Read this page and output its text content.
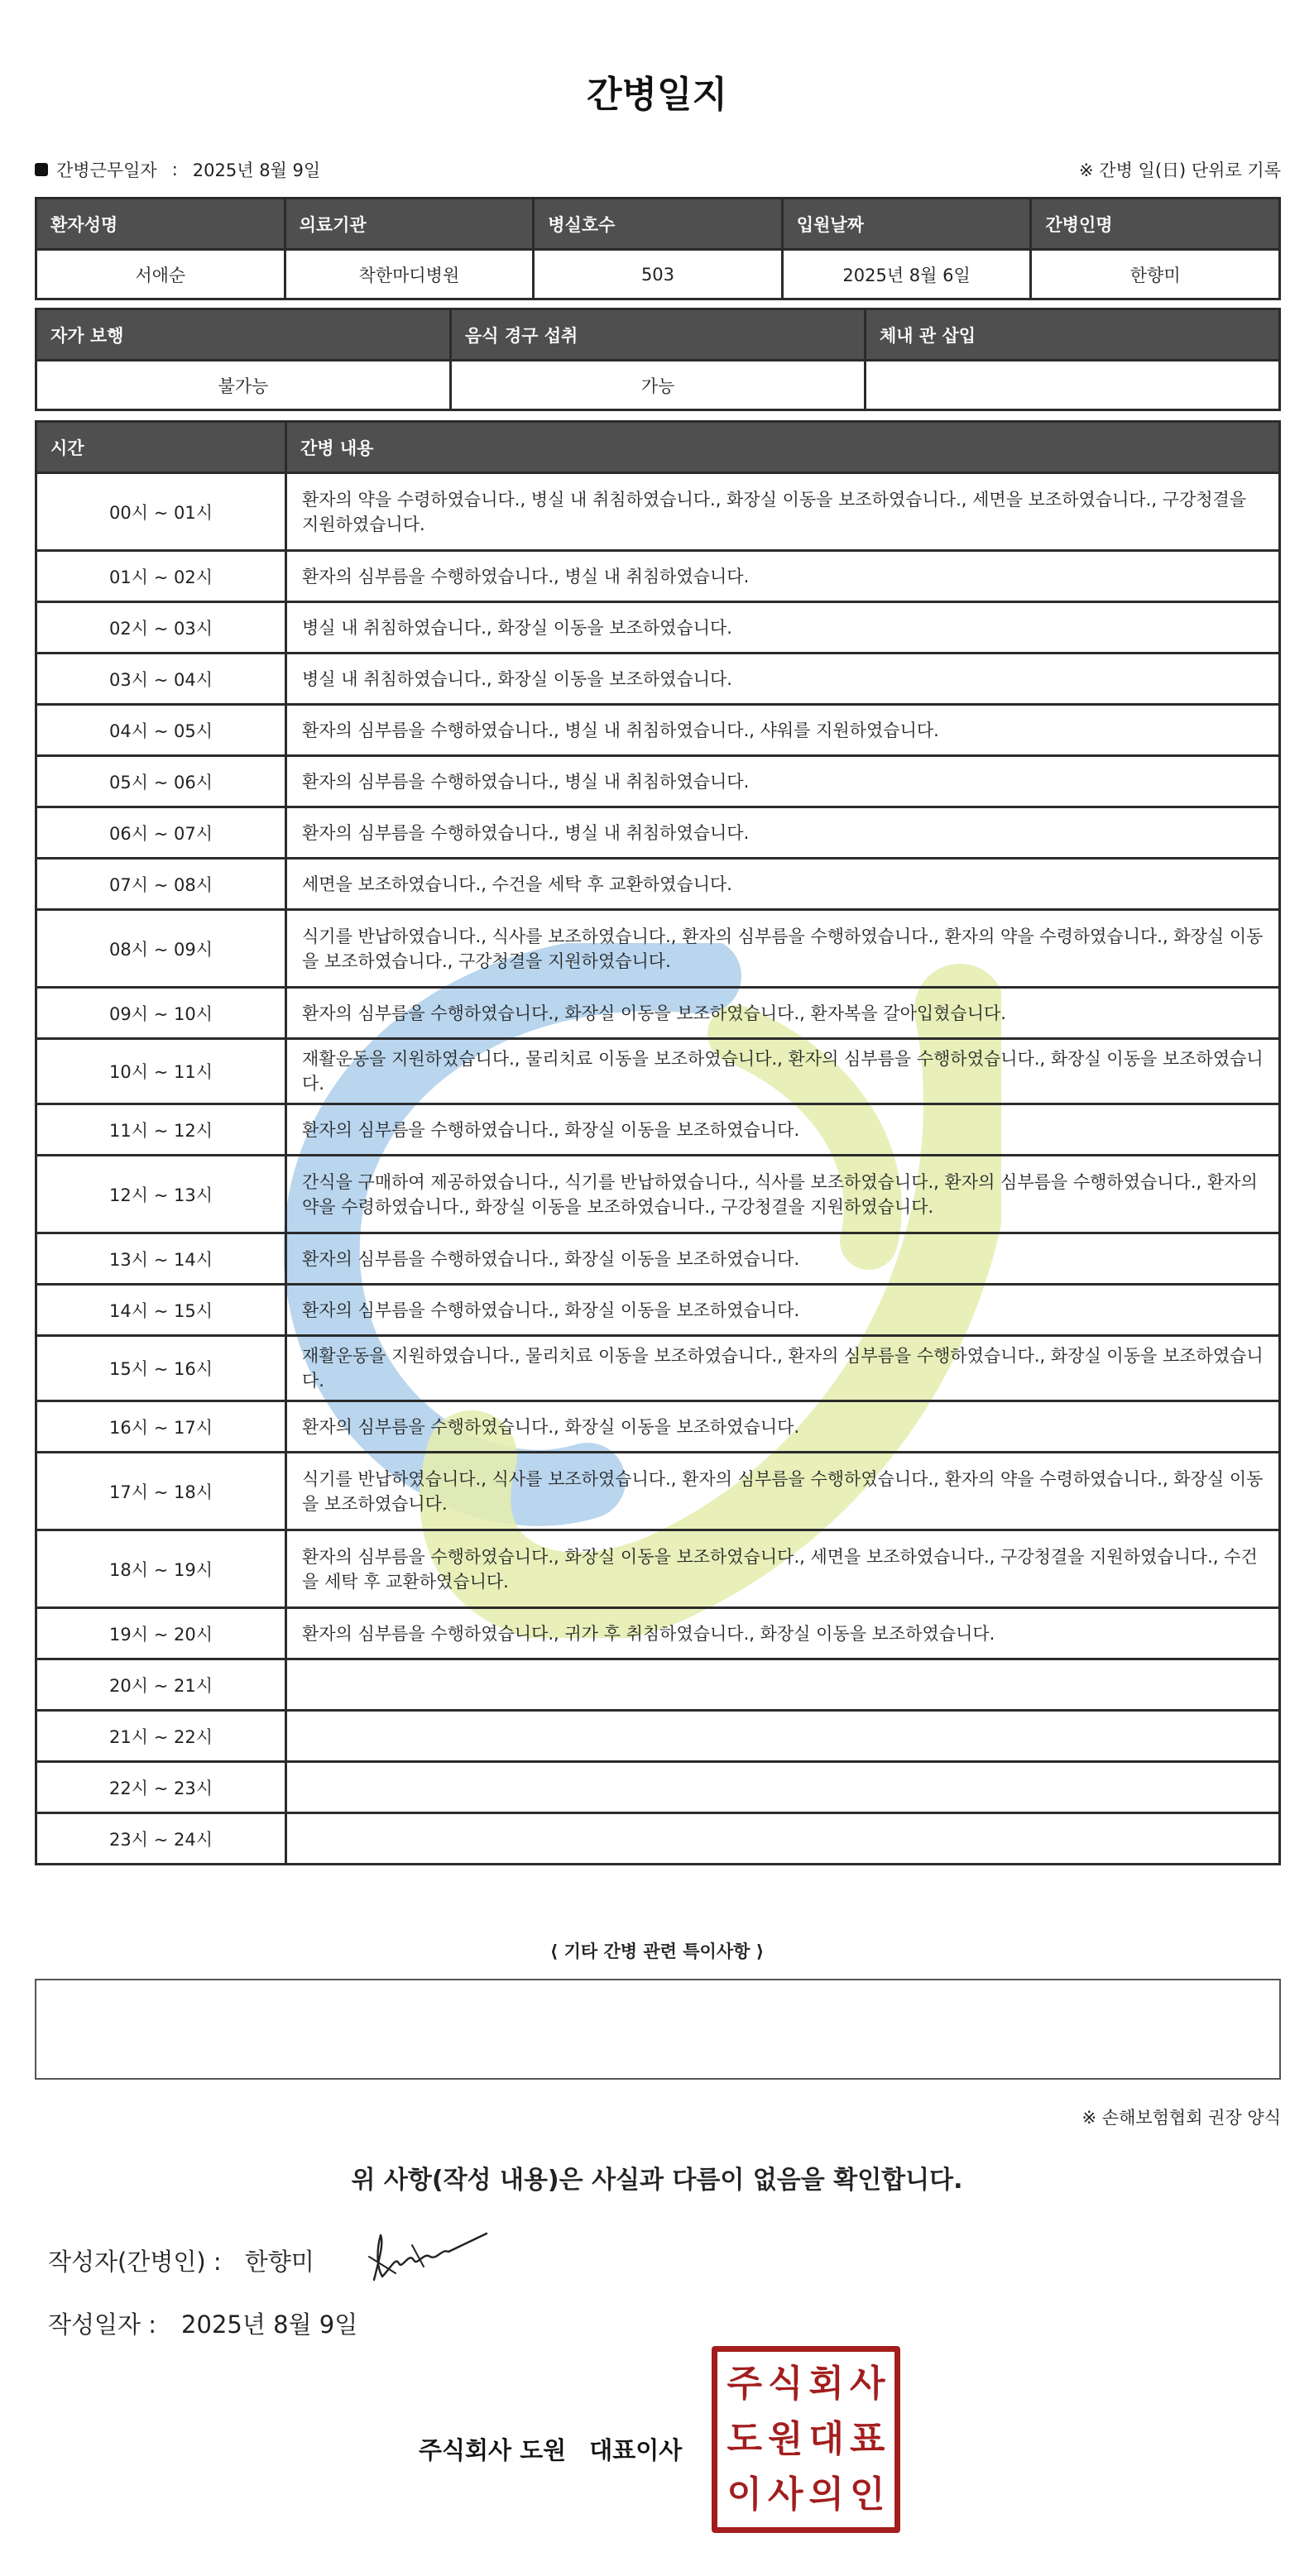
간병일지
간병근무일자 : 2025년 8월 9일	※ 간병 일(日) 단위로 기록
환자성명	의료기관	병실호수	입원날짜	간병인명
서애순	착한마디병원	503	2025년 8월 6일	한향미
자가 보행	음식 경구 섭취	체내 관 삽입
불가능	가능	
시간	간병 내용
00시 ~ 01시	환자의 약을 수령하였습니다., 병실 내 취침하였습니다., 화장실 이동을 보조하였습니다., 세면을 보조하였습니다., 구강청결을 지원하였습니다.
01시 ~ 02시	환자의 심부름을 수행하였습니다., 병실 내 취침하였습니다.
02시 ~ 03시	병실 내 취침하였습니다., 화장실 이동을 보조하였습니다.
03시 ~ 04시	병실 내 취침하였습니다., 화장실 이동을 보조하였습니다.
04시 ~ 05시	환자의 심부름을 수행하였습니다., 병실 내 취침하였습니다., 샤워를 지원하였습니다.
05시 ~ 06시	환자의 심부름을 수행하였습니다., 병실 내 취침하였습니다.
06시 ~ 07시	환자의 심부름을 수행하였습니다., 병실 내 취침하였습니다.
07시 ~ 08시	세면을 보조하였습니다., 수건을 세탁 후 교환하였습니다.
08시 ~ 09시	식기를 반납하였습니다., 식사를 보조하였습니다., 환자의 심부름을 수행하였습니다., 환자의 약을 수령하였습니다., 화장실 이동을 보조하였습니다., 구강청결을 지원하였습니다.
09시 ~ 10시	환자의 심부름을 수행하였습니다., 화장실 이동을 보조하였습니다., 환자복을 갈아입혔습니다.
10시 ~ 11시	재활운동을 지원하였습니다., 물리치료 이동을 보조하였습니다., 환자의 심부름을 수행하였습니다., 화장실 이동을 보조하였습니다.
11시 ~ 12시	환자의 심부름을 수행하였습니다., 화장실 이동을 보조하였습니다.
12시 ~ 13시	간식을 구매하여 제공하였습니다., 식기를 반납하였습니다., 식사를 보조하였습니다., 환자의 심부름을 수행하였습니다., 환자의 약을 수령하였습니다., 화장실 이동을 보조하였습니다., 구강청결을 지원하였습니다.
13시 ~ 14시	환자의 심부름을 수행하였습니다., 화장실 이동을 보조하였습니다.
14시 ~ 15시	환자의 심부름을 수행하였습니다., 화장실 이동을 보조하였습니다.
15시 ~ 16시	재활운동을 지원하였습니다., 물리치료 이동을 보조하였습니다., 환자의 심부름을 수행하였습니다., 화장실 이동을 보조하였습니다.
16시 ~ 17시	환자의 심부름을 수행하였습니다., 화장실 이동을 보조하였습니다.
17시 ~ 18시	식기를 반납하였습니다., 식사를 보조하였습니다., 환자의 심부름을 수행하였습니다., 환자의 약을 수령하였습니다., 화장실 이동을 보조하였습니다.
18시 ~ 19시	환자의 심부름을 수행하였습니다., 화장실 이동을 보조하였습니다., 세면을 보조하였습니다., 구강청결을 지원하였습니다., 수건을 세탁 후 교환하였습니다.
19시 ~ 20시	환자의 심부름을 수행하였습니다., 귀가 후 취침하였습니다., 화장실 이동을 보조하였습니다.
20시 ~ 21시	
21시 ~ 22시	
22시 ~ 23시	
23시 ~ 24시	
⟨ 기타 간병 관련 특이사항 ⟩
※ 손해보험협회 권장 양식
위 사항(작성 내용)은 사실과 다름이 없음을 확인합니다.
작성자(간병인) : 한향미
작성일자 : 2025년 8월 9일
주식회사 도원 대표이사
주 식 회 사
도 원 대 표
이 사 의 인
